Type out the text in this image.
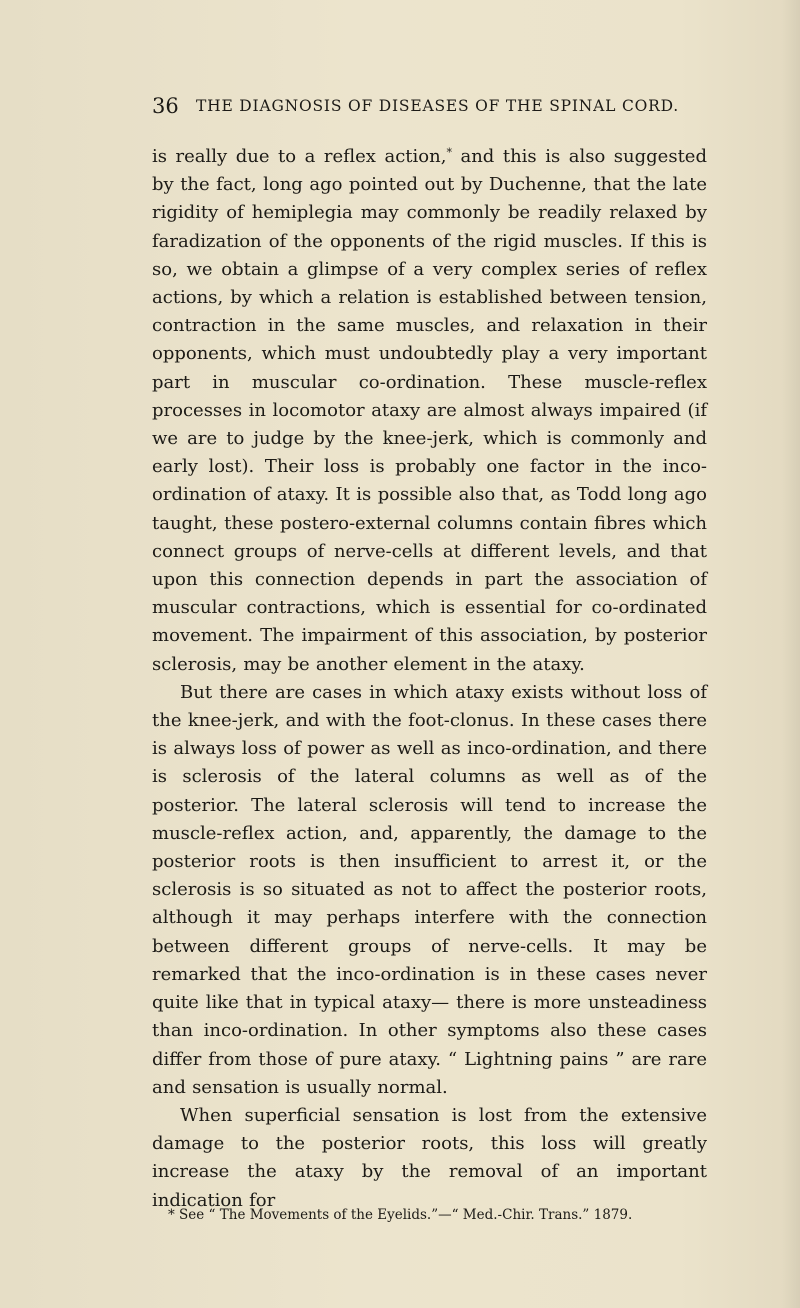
36 THE DIAGNOSIS OF DISEASES OF THE SPINAL CORD.

is really due to a reflex action,* and this is also suggested by the fact, long ago pointed out by Duchenne, that the late rigidity of hemiplegia may commonly be readily relaxed by faradization of the opponents of the rigid muscles. If this is so, we obtain a glimpse of a very complex series of reflex actions, by which a relation is established between tension, contraction in the same muscles, and relaxation in their opponents, which must undoubtedly play a very important part in muscular co-ordination. These muscle-reflex processes in locomotor ataxy are almost always impaired (if we are to judge by the knee-jerk, which is commonly and early lost). Their loss is probably one factor in the inco-ordination of ataxy. It is possible also that, as Todd long ago taught, these postero-external columns contain fibres which connect groups of nerve-cells at different levels, and that upon this connection depends in part the association of muscular contractions, which is essential for co-ordinated movement. The impairment of this association, by posterior sclerosis, may be another element in the ataxy.

But there are cases in which ataxy exists without loss of the knee-jerk, and with the foot-clonus. In these cases there is always loss of power as well as inco-ordination, and there is sclerosis of the lateral columns as well as of the posterior. The lateral sclerosis will tend to increase the muscle-reflex action, and, apparently, the damage to the posterior roots is then insufficient to arrest it, or the sclerosis is so situated as not to affect the posterior roots, although it may perhaps interfere with the connection between different groups of nerve-cells. It may be remarked that the inco-ordination is in these cases never quite like that in typical ataxy— there is more unsteadiness than inco-ordination. In other symptoms also these cases differ from those of pure ataxy. “ Lightning pains ” are rare and sensation is usually normal.

When superficial sensation is lost from the extensive damage to the posterior roots, this loss will greatly increase the ataxy by the removal of an important indication for

* See “ The Movements of the Eyelids.”—“ Med.-Chir. Trans.” 1879.
